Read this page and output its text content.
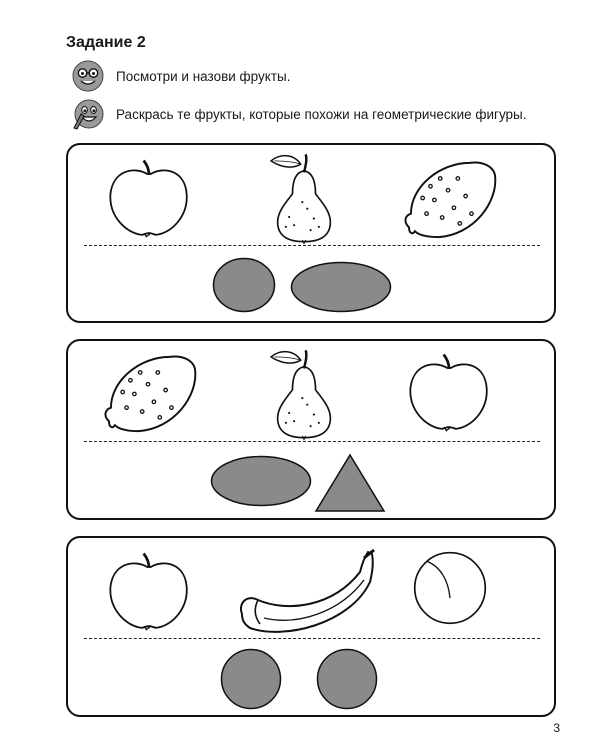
Задание 2
Посмотри и назови фрукты.
Раскрась те фрукты, которые похожи на геометрические фигуры.
3
